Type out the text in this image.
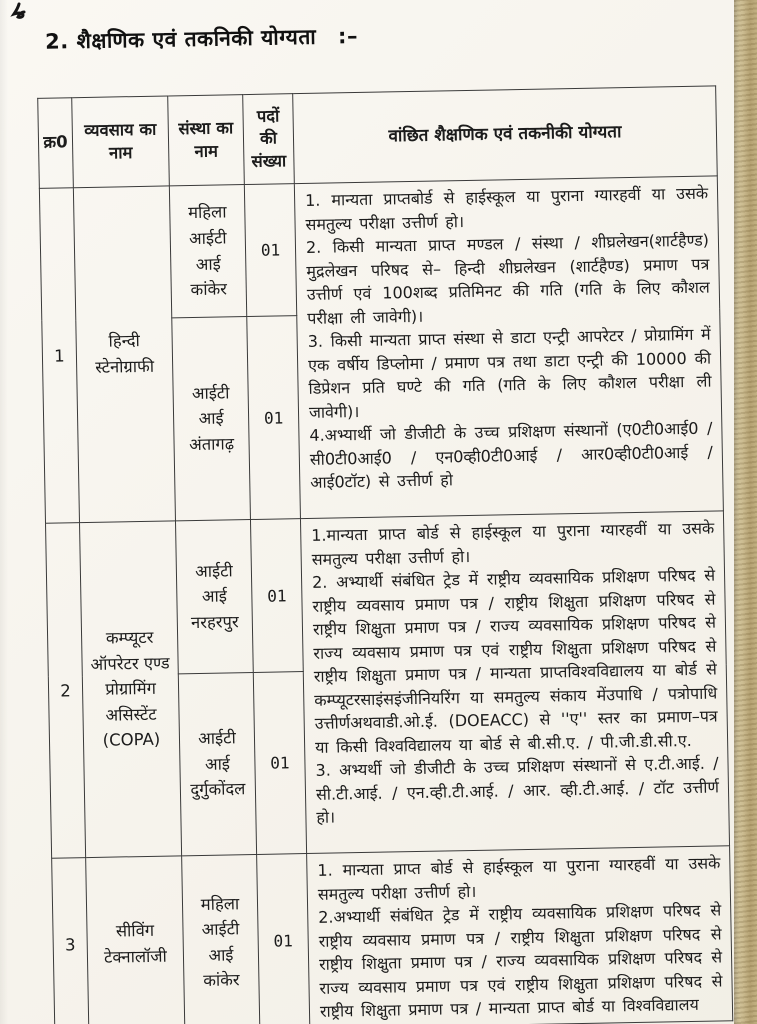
2. शैक्षणिक एवं तकनिकी योग्यता :–
क्र0	व्यवसाय का नाम	संस्था का नाम	पदों की संख्या	वांछित शैक्षणिक एवं तकनीकी योग्यता
1	हिन्दी स्टेनोग्राफी	महिला आईटी आई कांकेर	01	1. मान्यता प्राप्तबोर्ड से हाईस्कूल या पुराना ग्यारहवीं या उसके समतुल्य परीक्षा उत्तीर्ण हो।
2. किसी मान्यता प्राप्त मण्डल / संस्था / शीघ्रलेखन(शार्टहैण्ड) मुद्रलेखन परिषद से– हिन्दी शीघ्रलेखन (शार्टहैण्ड) प्रमाण पत्र उत्तीर्ण एवं 100शब्द प्रतिमिनट की गति (गति के लिए कौशल परीक्षा ली जावेगी)।
3. किसी मान्यता प्राप्त संस्था से डाटा एन्ट्री आपरेटर / प्रोग्रामिंग में एक वर्षीय डिप्लोमा / प्रमाण पत्र तथा डाटा एन्ट्री की 10000 की डिप्रेशन प्रति घण्टे की गति (गति के लिए कौशल परीक्षा ली जावेगी)।
4.अभ्यार्थी जो डीजीटी के उच्च प्रशिक्षण संस्थानों (ए0टी0आई0 / सी0टी0आई0 / एन0व्ही0टी0आई / आर0व्ही0टी0आई / आई0टॉट) से उत्तीर्ण हो
		आईटी आई अंतागढ़	01	
2	कम्प्यूटर ऑपरेटर एण्ड प्रोग्रामिंग असिस्टेंट (COPA)	आईटी आई नरहरपुर	01	1.मान्यता प्राप्त बोर्ड से हाईस्कूल या पुराना ग्यारहवीं या उसके समतुल्य परीक्षा उत्तीर्ण हो।
2. अभ्यार्थी संबंधित ट्रेड में राष्ट्रीय व्यवसायिक प्रशिक्षण परिषद से राष्ट्रीय व्यवसाय प्रमाण पत्र / राष्ट्रीय शिक्षुता प्रशिक्षण परिषद से राष्ट्रीय शिक्षुता प्रमाण पत्र / राज्य व्यवसायिक प्रशिक्षण परिषद से राज्य व्यवसाय प्रमाण पत्र एवं राष्ट्रीय शिक्षुता प्रशिक्षण परिषद से राष्ट्रीय शिक्षुता प्रमाण पत्र / मान्यता प्राप्तविश्वविद्यालय या बोर्ड से कम्प्यूटरसाइंसइंजीनियरिंग या समतुल्य संकाय मेंउपाधि / पत्रोपाधि उत्तीर्णअथवाडी.ओ.ई. (DOEACC) से ''ए'' स्तर का प्रमाण–पत्र या किसी विश्वविद्यालय या बोर्ड से बी.सी.ए. / पी.जी.डी.सी.ए.
3. अभ्यर्थी जो डीजीटी के उच्च प्रशिक्षण संस्थानों से ए.टी.आई. / सी.टी.आई. / एन.व्ही.टी.आई. / आर. व्ही.टी.आई. / टॉट उत्तीर्ण हो।
		आईटी आई दुर्गुकोंदल	01	
3	सीविंग टेक्नालॉजी	महिला आईटी आई कांकेर	01	1. मान्यता प्राप्त बोर्ड से हाईस्कूल या पुराना ग्यारहवीं या उसके समतुल्य परीक्षा उत्तीर्ण हो।
2.अभ्यार्थी संबंधित ट्रेड में राष्ट्रीय व्यवसायिक प्रशिक्षण परिषद से राष्ट्रीय व्यवसाय प्रमाण पत्र / राष्ट्रीय शिक्षुता प्रशिक्षण परिषद से राष्ट्रीय शिक्षुता प्रमाण पत्र / राज्य व्यवसायिक प्रशिक्षण परिषद से राज्य व्यवसाय प्रमाण पत्र एवं राष्ट्रीय शिक्षुता प्रशिक्षण परिषद से राष्ट्रीय शिक्षुता प्रमाण पत्र / मान्यता प्राप्त बोर्ड या विश्वविद्यालय
